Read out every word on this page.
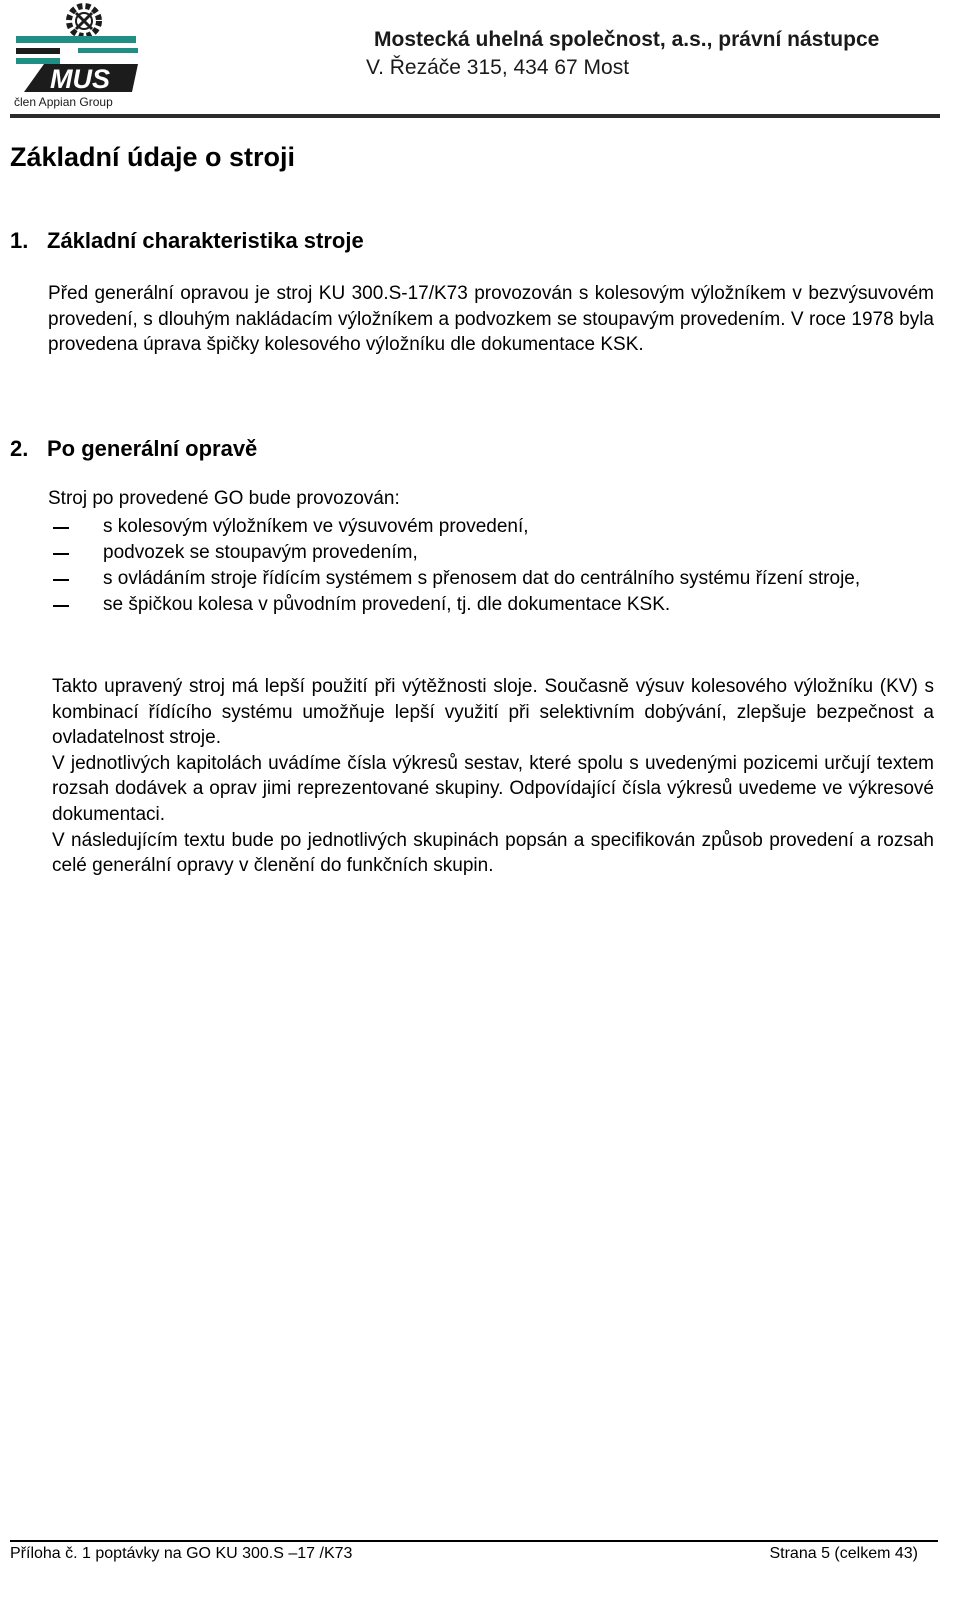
MUS
člen Appian Group
Mostecká uhelná společnost, a.s., právní nástupce
V. Řezáče 315, 434 67 Most
Základní údaje o stroji
1. Základní charakteristika stroje
Před generální opravou je stroj KU 300.S-17/K73 provozován s kolesovým výložníkem v bezvýsuvovém provedení, s dlouhým nakládacím výložníkem a podvozkem se stoupavým provedením. V roce 1978 byla provedena úprava špičky kolesového výložníku dle dokumentace KSK.
2. Po generální opravě
Stroj po provedené GO bude provozován:
s kolesovým výložníkem ve výsuvovém provedení,
podvozek se stoupavým provedením,
s ovládáním stroje řídícím systémem s přenosem dat do centrálního systému řízení stroje,
se špičkou kolesa v původním provedení, tj. dle dokumentace KSK.

Takto upravený stroj má lepší použití při výtěžnosti sloje. Současně výsuv kolesového výložníku (KV) s kombinací řídícího systému umožňuje lepší využití při selektivním dobývání, zlepšuje bezpečnost a ovladatelnost stroje.

V jednotlivých kapitolách uvádíme čísla výkresů sestav, které spolu s uvedenými pozicemi určují textem rozsah dodávek a oprav jimi reprezentované skupiny. Odpovídající čísla výkresů uvedeme ve výkresové dokumentaci.

V následujícím textu bude po jednotlivých skupinách popsán a specifikován způsob provedení a rozsah celé generální opravy v členění do funkčních skupin.

Příloha č. 1 poptávky na GO KU 300.S –17 /K73	Strana 5 (celkem 43)
